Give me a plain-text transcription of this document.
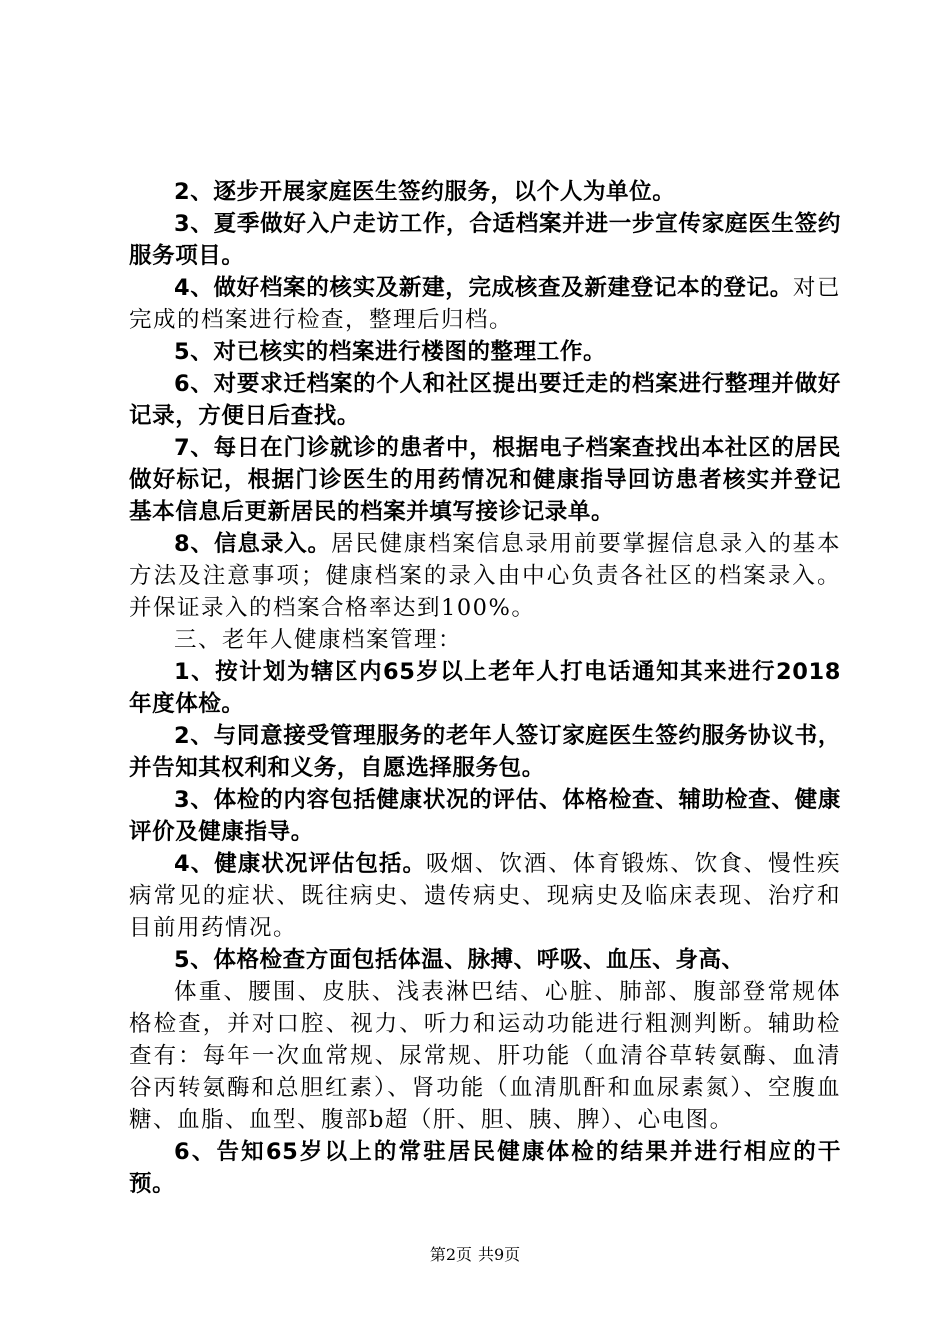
2、逐步开展家庭医生签约服务，以个人为单位。

3、夏季做好入户走访工作，合适档案并进一步宣传家庭医生签约服务项目。

4、做好档案的核实及新建，完成核查及新建登记本的登记。对已完成的档案进行检查，整理后归档。

5、对已核实的档案进行楼图的整理工作。

6、对要求迁档案的个人和社区提出要迁走的档案进行整理并做好记录，方便日后查找。

7、每日在门诊就诊的患者中，根据电子档案查找出本社区的居民做好标记，根据门诊医生的用药情况和健康指导回访患者核实并登记基本信息后更新居民的档案并填写接诊记录单。

8、信息录入。居民健康档案信息录用前要掌握信息录入的基本方法及注意事项；健康档案的录入由中心负责各社区的档案录入。并保证录入的档案合格率达到100%。

三、老年人健康档案管理：

1、按计划为辖区内65岁以上老年人打电话通知其来进行2018年度体检。

2、与同意接受管理服务的老年人签订家庭医生签约服务协议书，并告知其权利和义务，自愿选择服务包。

3、体检的内容包括健康状况的评估、体格检查、辅助检查、健康评价及健康指导。

4、健康状况评估包括。吸烟、饮酒、体育锻炼、饮食、慢性疾病常见的症状、既往病史、遗传病史、现病史及临床表现、治疗和目前用药情况。

5、体格检查方面包括体温、脉搏、呼吸、血压、身高、

体重、腰围、皮肤、浅表淋巴结、心脏、肺部、腹部登常规体格检查，并对口腔、视力、听力和运动功能进行粗测判断。辅助检查有：每年一次血常规、尿常规、肝功能（血清谷草转氨酶、血清谷丙转氨酶和总胆红素）、肾功能（血清肌酐和血尿素氮）、空腹血糖、血脂、血型、腹部b超（肝、胆、胰、脾）、心电图。

6、告知65岁以上的常驻居民健康体检的结果并进行相应的干预。

第2页 共9页
